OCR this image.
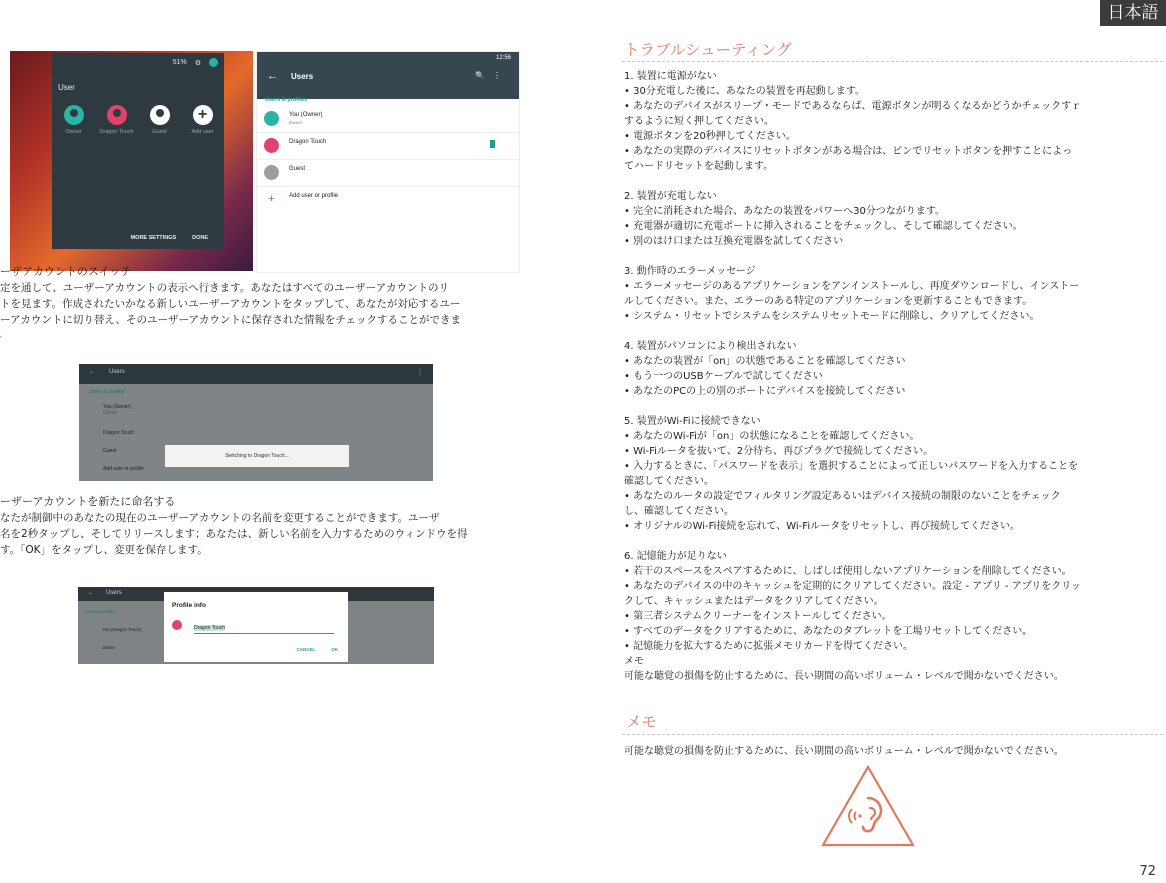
日本語
51% ⚙
User
Owner	Dragon Touch	Guest
+
Add user
MORE SETTINGS	DONE
12:56
← Users	🔍⋮
Users & profiles
You (Owner)
Owner
Dragon Touch
Guest
+	Add user or profile
ーザアカウントのスイッチ
定を通して、ユーザーアカウントの表示へ行きます。あなたはすべてのユーザーアカウントのリ
トを見ます。作成されたいかなる新しいユーザーアカウントをタップして、あなたが対応するユー
ーアカウントに切り替え、そのユーザーアカウントに保存された情報をチェックすることができま
。
← Users	⋮
Users & profiles
You (Owner)
Owner
Dragon Touch
Guest
Add user or profile
Switching to Dragon Touch...
ーザーアカウントを新たに命名する
なたが制御中のあなたの現在のユーザーアカウントの名前を変更することができます。ユーザ
名を2秒タップし、そしてリリースします；あなたは、新しい名前を入力するためのウィンドウを得
す。「OK」をタップし、変更を保存します。
← Users
Users & profiles
You (Dragon Touch)
Owner
Profile info
Dragon Touch
CANCEL	OK
トラブルシューティング

1. 装置に電源がない

• 30分充電した後に、あなたの装置を再起動します。

• あなたのデバイスがスリープ・モードであるならば、電源ボタンが明るくなるかどうかチェックすｒ

するように短く押してください。

• 電源ボタンを20秒押してください。

• あなたの実際のデバイスにリセットボタンがある場合は、ピンでリセットボタンを押すことによっ

てハードリセットを起動します。

2. 装置が充電しない

• 完全に消耗された場合、あなたの装置をパワーへ30分つながります。

• 充電器が適切に充電ポートに挿入されることをチェックし、そして確認してください。

• 別のはけ口または互換充電器を試してください

3. 動作時のエラーメッセージ

• エラーメッセージのあるアプリケーションをアンインストールし、再度ダウンロードし、インストー

ルしてください。また、エラーのある特定のアプリケーションを更新することもできます。

• システム・リセットでシステムをシステムリセットモードに削除し、クリアしてください。

4. 装置がパソコンにより検出されない

• あなたの装置が「on」の状態であることを確認してください

• もう一つのUSBケーブルで試してください

• あなたのPCの上の別のポートにデバイスを接続してください

5. 装置がWi-Fiに接続できない

• あなたのWi-Fiが「on」の状態になることを確認してください。

• Wi-Fiルータを抜いて、2分待ち、再びプラグで接続してください。

• 入力するときに、「パスワードを表示」を選択することによって正しいパスワードを入力することを

確認してください。

• あなたのルータの設定でフィルタリング設定あるいはデバイス接続の制限のないことをチェック

し、確認してください。

• オリジナルのWi-Fi接続を忘れて、Wi-Fiルータをリセットし、再び接続してください。

6. 記憶能力が足りない

• 若干のスペースをスペアするために、しばしば使用しないアプリケーションを削除してください。

• あなたのデバイスの中のキャッシュを定期的にクリアしてください。設定 - アプリ - アプリをクリッ

クして、キャッシュまたはデータをクリアしてください。

• 第三者システムクリーナーをインストールしてください。

• すべてのデータをクリアするために、あなたのタブレットを工場リセットしてください。

• 記憶能力を拡大するために拡張メモリカードを得てください。

メモ

可能な聴覚の損傷を防止するために、長い期間の高いボリューム・レベルで聞かないでください。

メモ
可能な聴覚の損傷を防止するために、長い期間の高いボリューム・レベルで聞かないでください。
72
